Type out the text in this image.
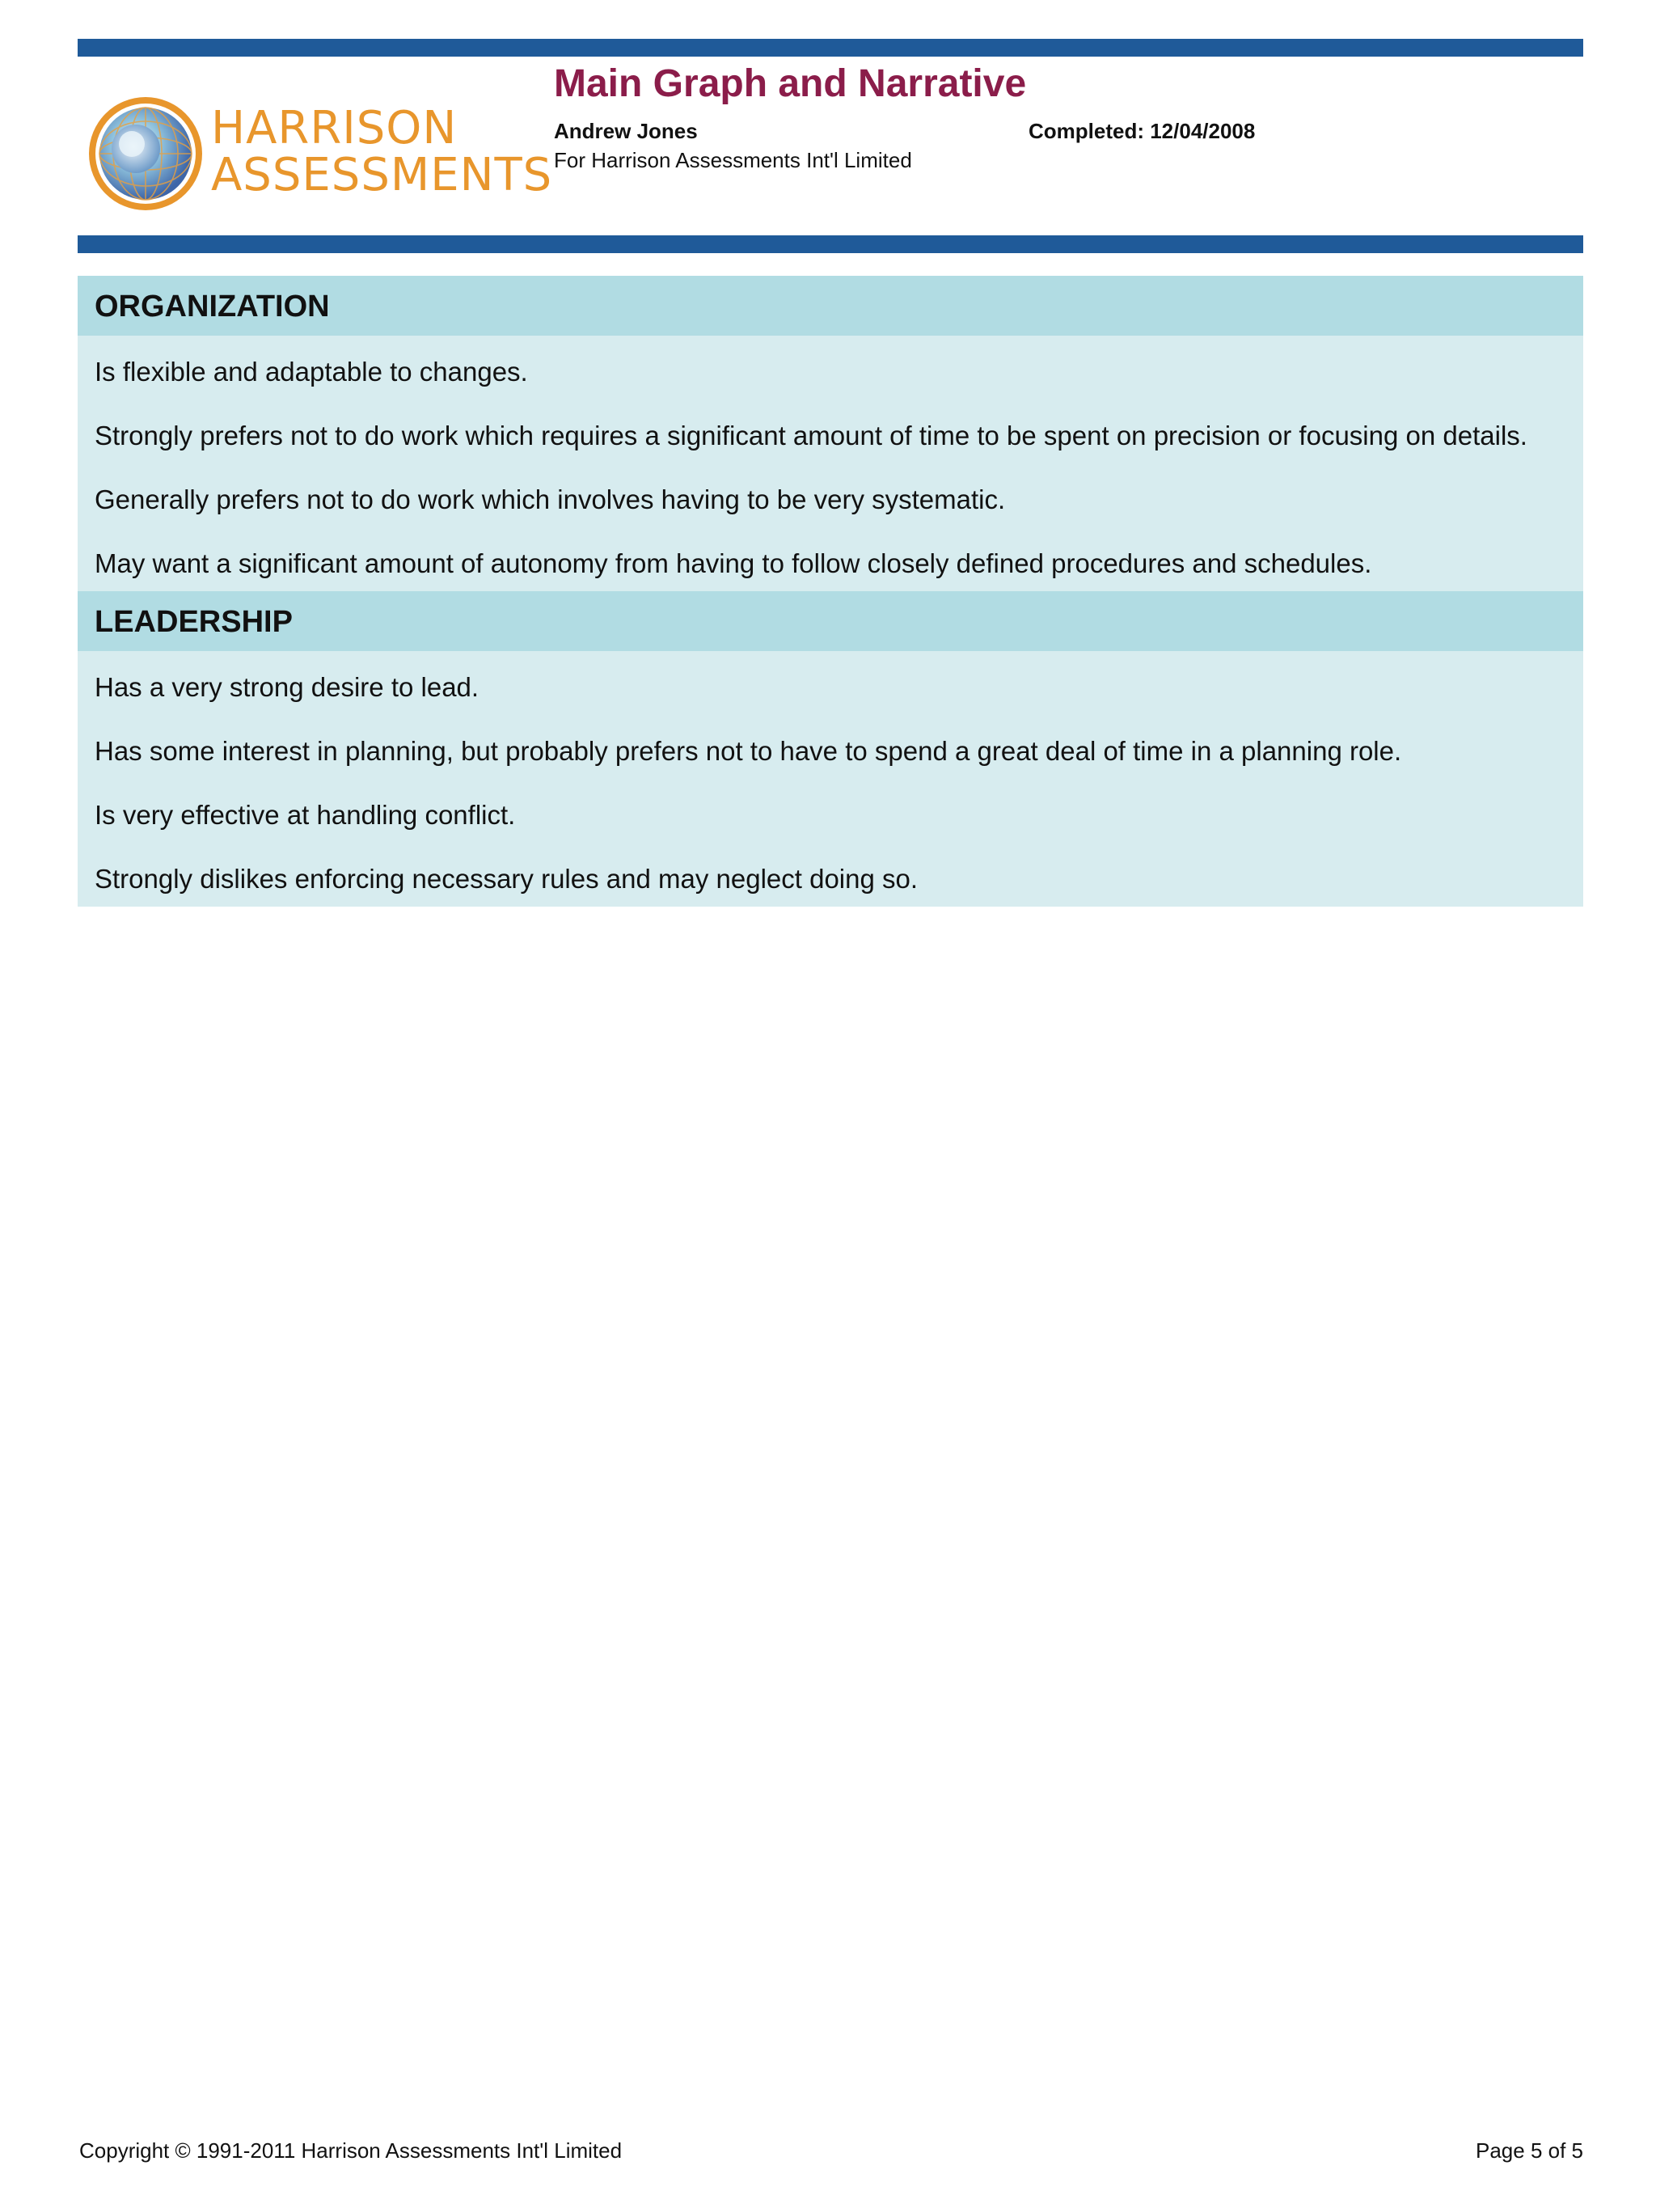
HARRISON
ASSESSMENTS
Main Graph and Narrative
Andrew Jones	Completed: 12/04/2008
For Harrison Assessments Int'l Limited
ORGANIZATION

Is flexible and adaptable to changes.

Strongly prefers not to do work which requires a significant amount of time to be spent on precision or focusing on details.

Generally prefers not to do work which involves having to be very systematic.

May want a significant amount of autonomy from having to follow closely defined procedures and schedules.

LEADERSHIP

Has a very strong desire to lead.

Has some interest in planning, but probably prefers not to have to spend a great deal of time in a planning role.

Is very effective at handling conflict.

Strongly dislikes enforcing necessary rules and may neglect doing so.

Copyright © 1991-2011 Harrison Assessments Int'l Limited	Page 5 of 5
